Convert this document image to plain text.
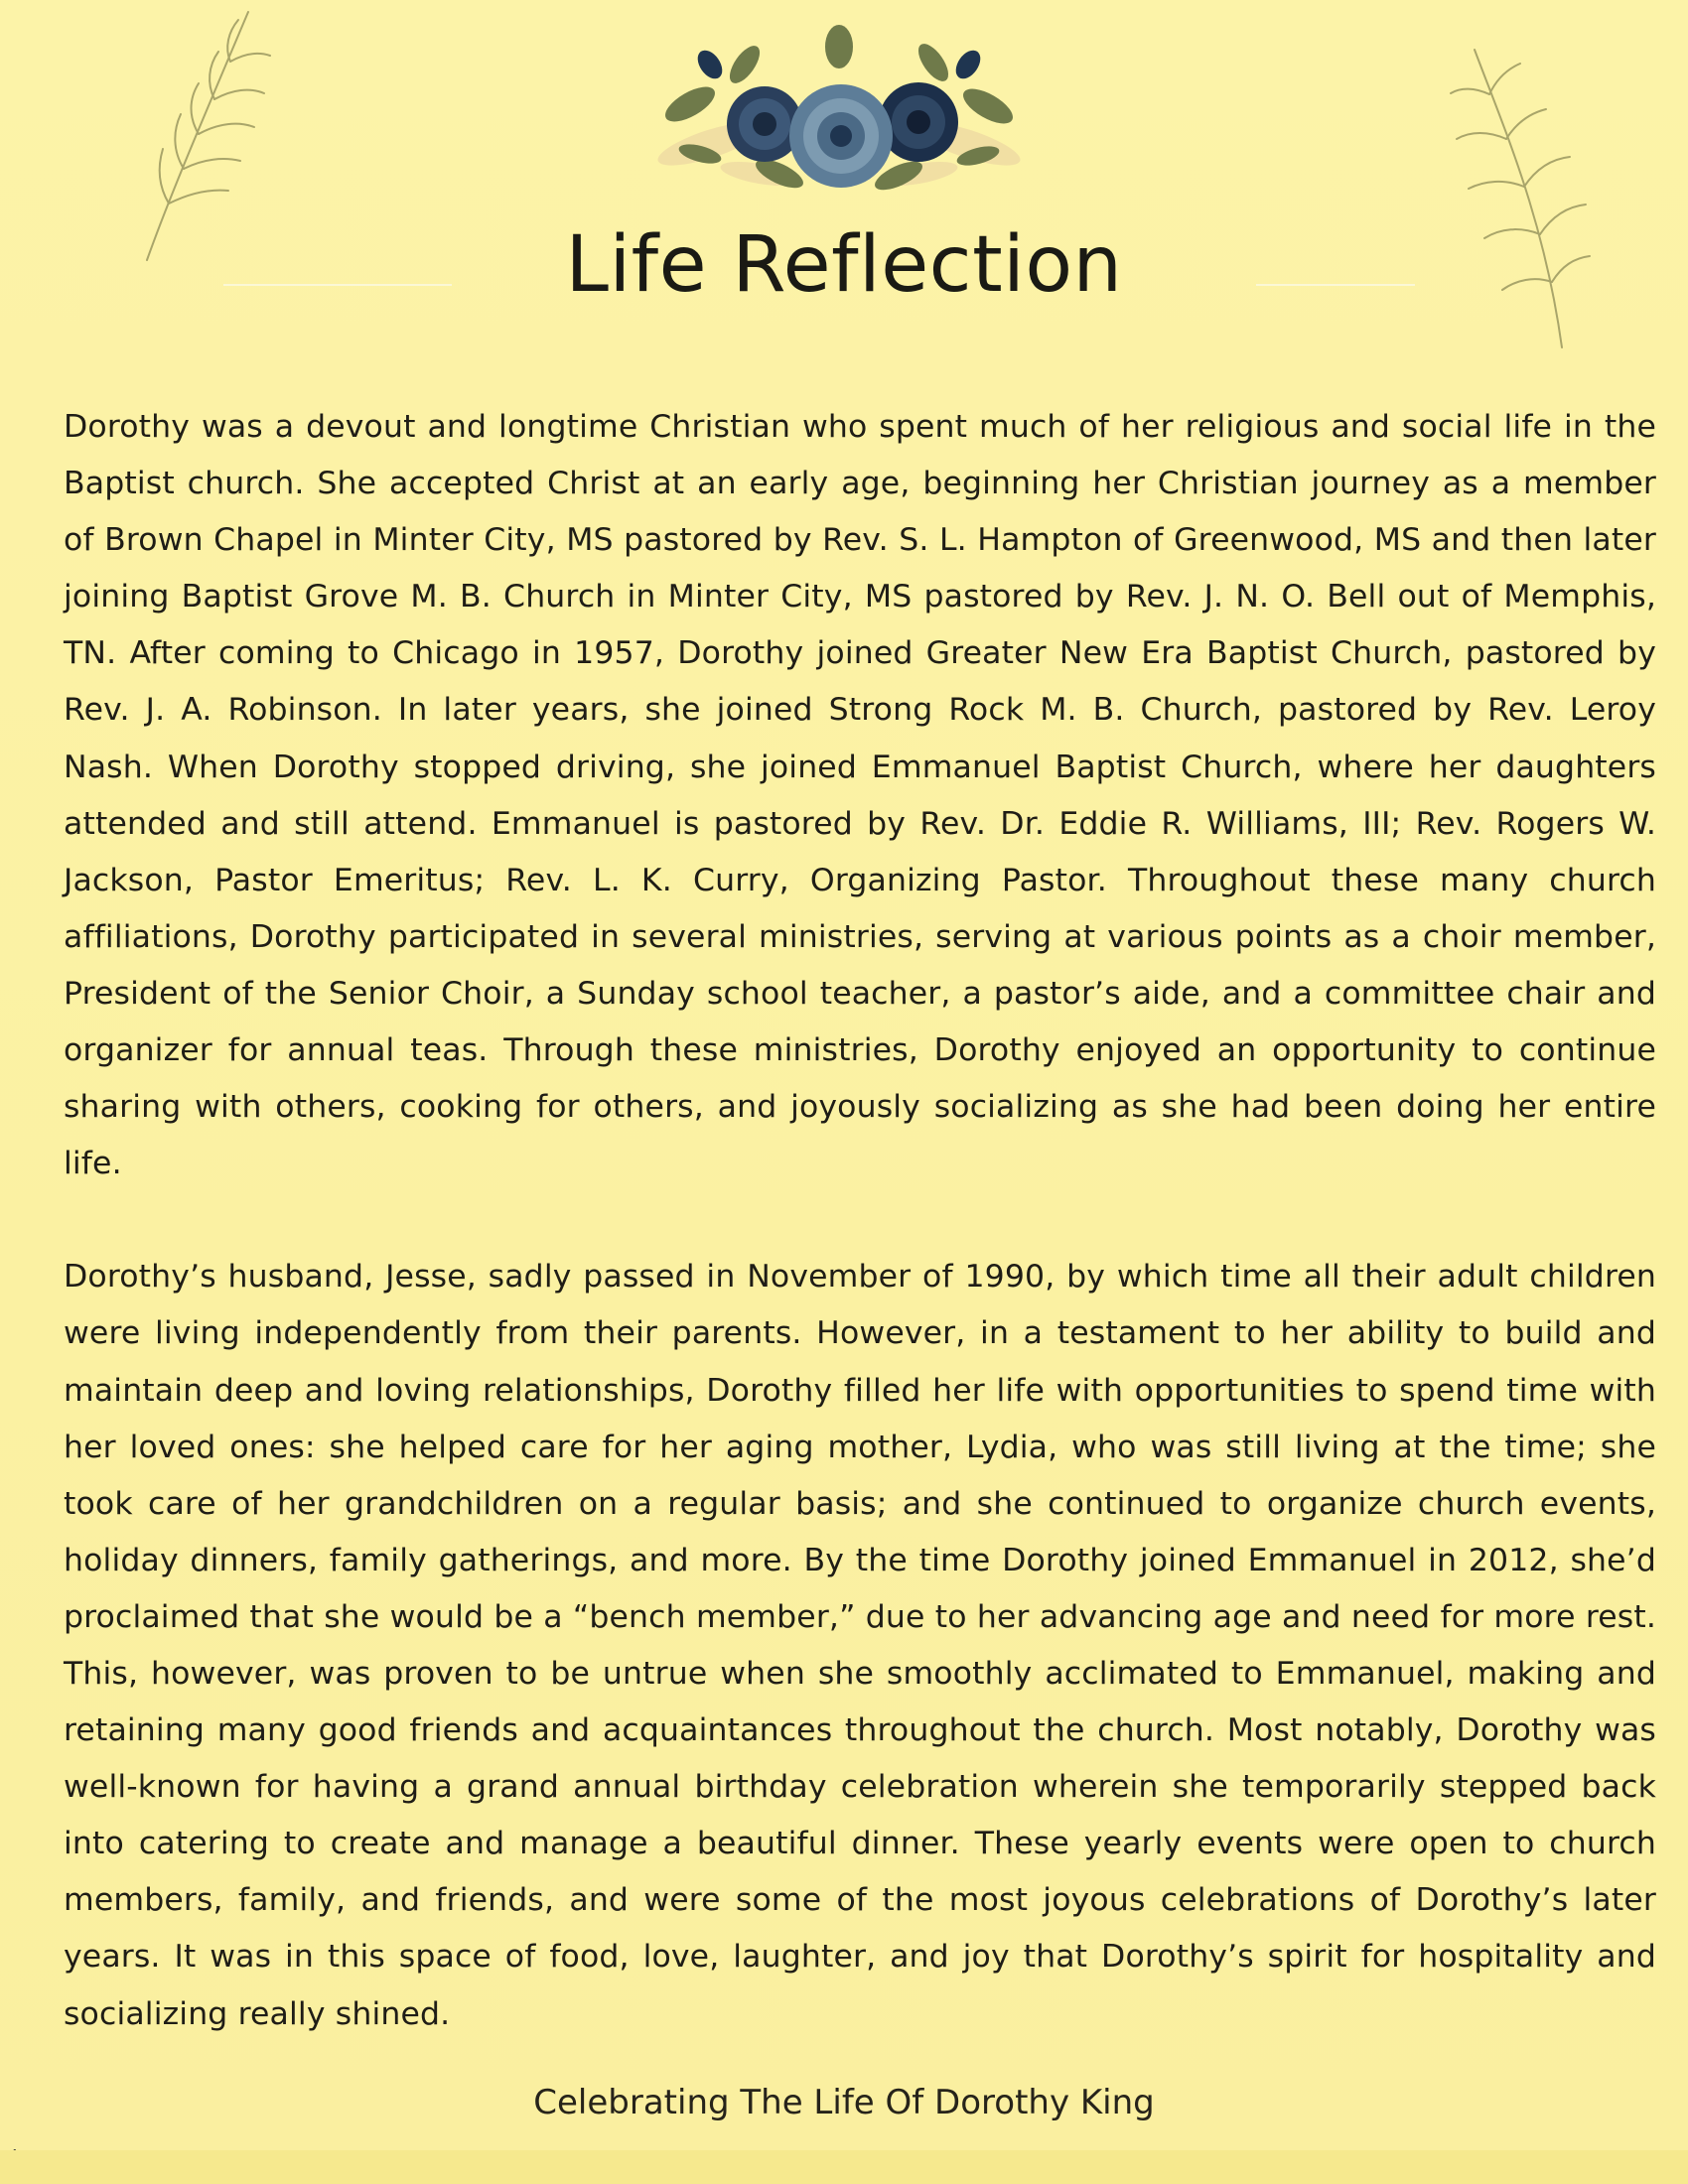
Life Reflection

Dorothy was a devout and longtime Christian who spent much of her religious and social life in the Baptist church. She accepted Christ at an early age, beginning her Christian journey as a member of Brown Chapel in Minter City, MS pastored by Rev. S. L. Hampton of Greenwood, MS and then later joining Baptist Grove M. B. Church in Minter City, MS pastored by Rev. J. N. O. Bell out of Memphis, TN. After coming to Chicago in 1957, Dorothy joined Greater New Era Baptist Church, pastored by Rev. J. A. Robinson. In later years, she joined Strong Rock M. B. Church, pastored by Rev. Leroy Nash. When Dorothy stopped driving, she joined Emmanuel Baptist Church, where her daughters attended and still attend. Emmanuel is pastored by Rev. Dr. Eddie R. Williams, III; Rev. Rogers W. Jackson, Pastor Emeritus; Rev. L. K. Curry, Organizing Pastor. Throughout these many church affiliations, Dorothy participated in several ministries, serving at various points as a choir member, President of the Senior Choir, a Sunday school teacher, a pastor’s aide, and a committee chair and organizer for annual teas. Through these ministries, Dorothy enjoyed an opportunity to continue sharing with others, cooking for others, and joyously socializing as she had been doing her entire life.

Dorothy’s husband, Jesse, sadly passed in November of 1990, by which time all their adult children were living independently from their parents. However, in a testament to her ability to build and maintain deep and loving relationships, Dorothy filled her life with opportunities to spend time with her loved ones: she helped care for her aging mother, Lydia, who was still living at the time; she took care of her grandchildren on a regular basis; and she continued to organize church events, holiday dinners, family gatherings, and more. By the time Dorothy joined Emmanuel in 2012, she’d proclaimed that she would be a “bench member,” due to her advancing age and need for more rest. This, however, was proven to be untrue when she smoothly acclimated to Emmanuel, making and retaining many good friends and acquaintances throughout the church. Most notably, Dorothy was well-known for having a grand annual birthday celebration wherein she temporarily stepped back into catering to create and manage a beautiful dinner. These yearly events were open to church members, family, and friends, and were some of the most joyous celebrations of Dorothy’s later years. It was in this space of food, love, laughter, and joy that Dorothy’s spirit for hospitality and socializing really shined.

Celebrating The Life Of Dorothy King
